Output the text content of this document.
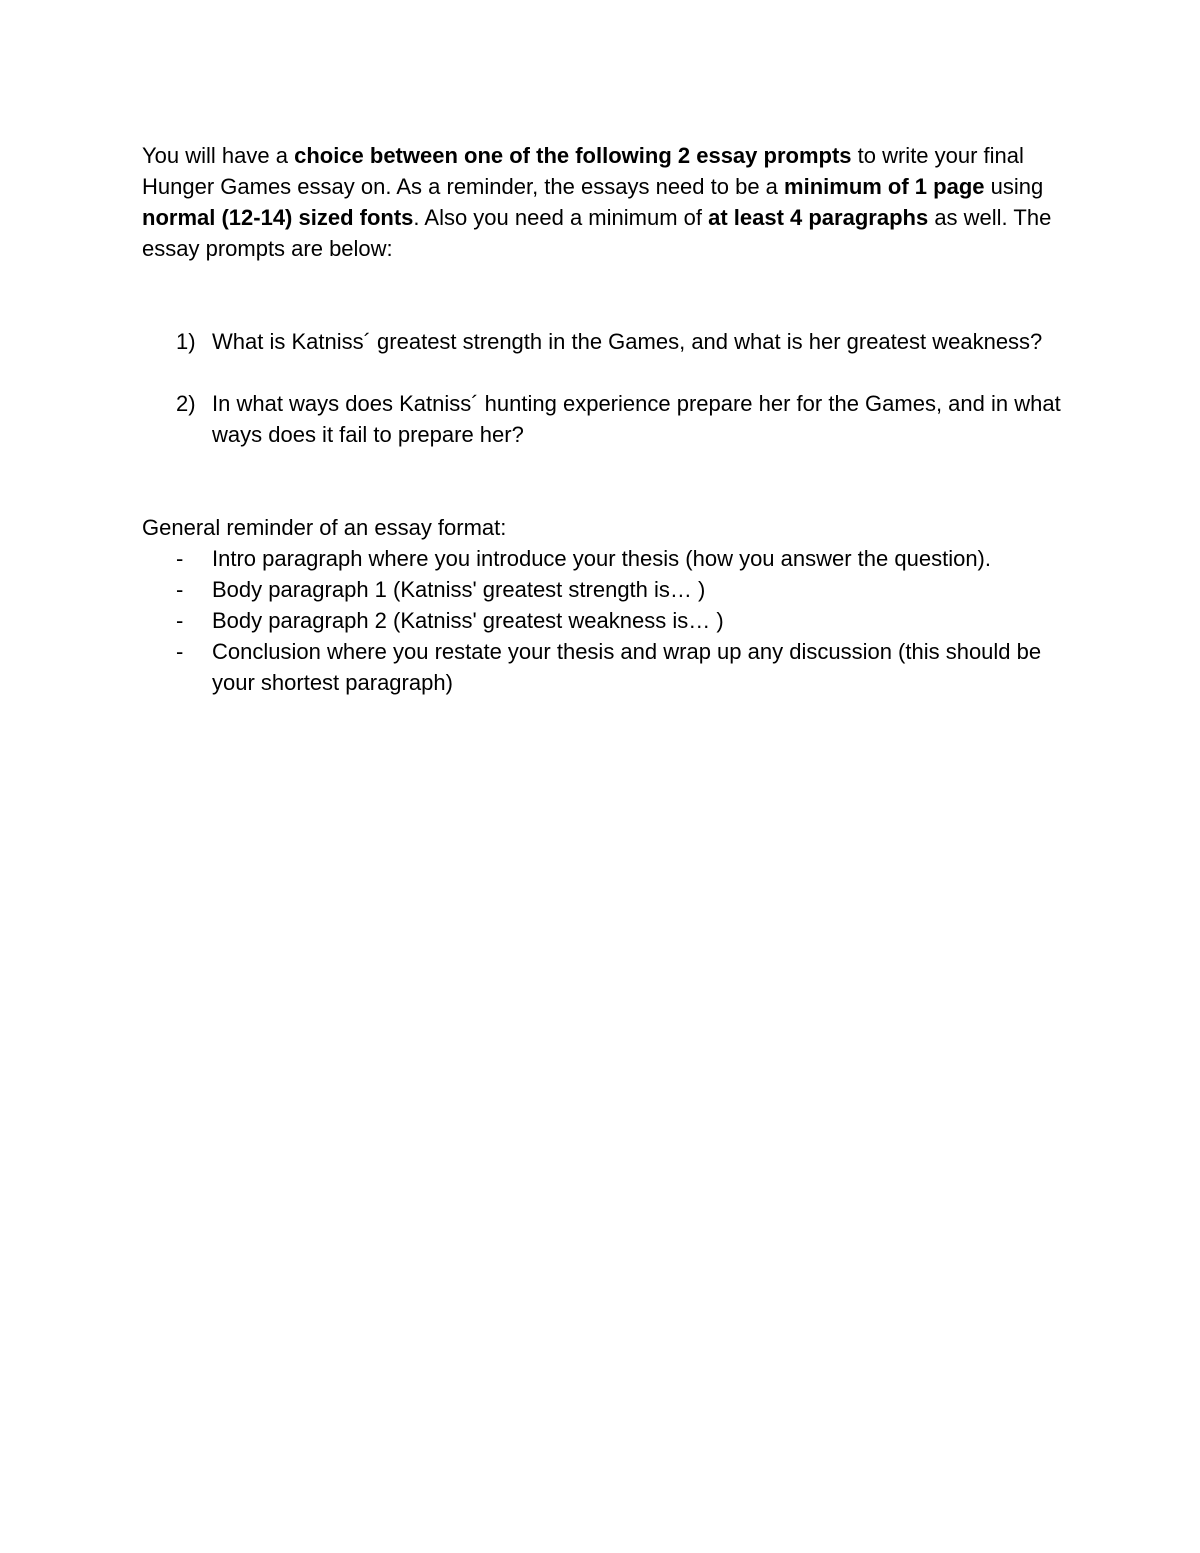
You will have a choice between one of the following 2 essay prompts to write your final Hunger Games essay on. As a reminder, the essays need to be a minimum of 1 page using normal (12-14) sized fonts. Also you need a minimum of at least 4 paragraphs as well. The essay prompts are below:

1) What is Katniss´ greatest strength in the Games, and what is her greatest weakness?
2) In what ways does Katniss´ hunting experience prepare her for the Games, and in what ways does it fail to prepare her?

General reminder of an essay format:

- Intro paragraph where you introduce your thesis (how you answer the question).
- Body paragraph 1 (Katniss' greatest strength is… )
- Body paragraph 2 (Katniss' greatest weakness is… )
- Conclusion where you restate your thesis and wrap up any discussion (this should be your shortest paragraph)
